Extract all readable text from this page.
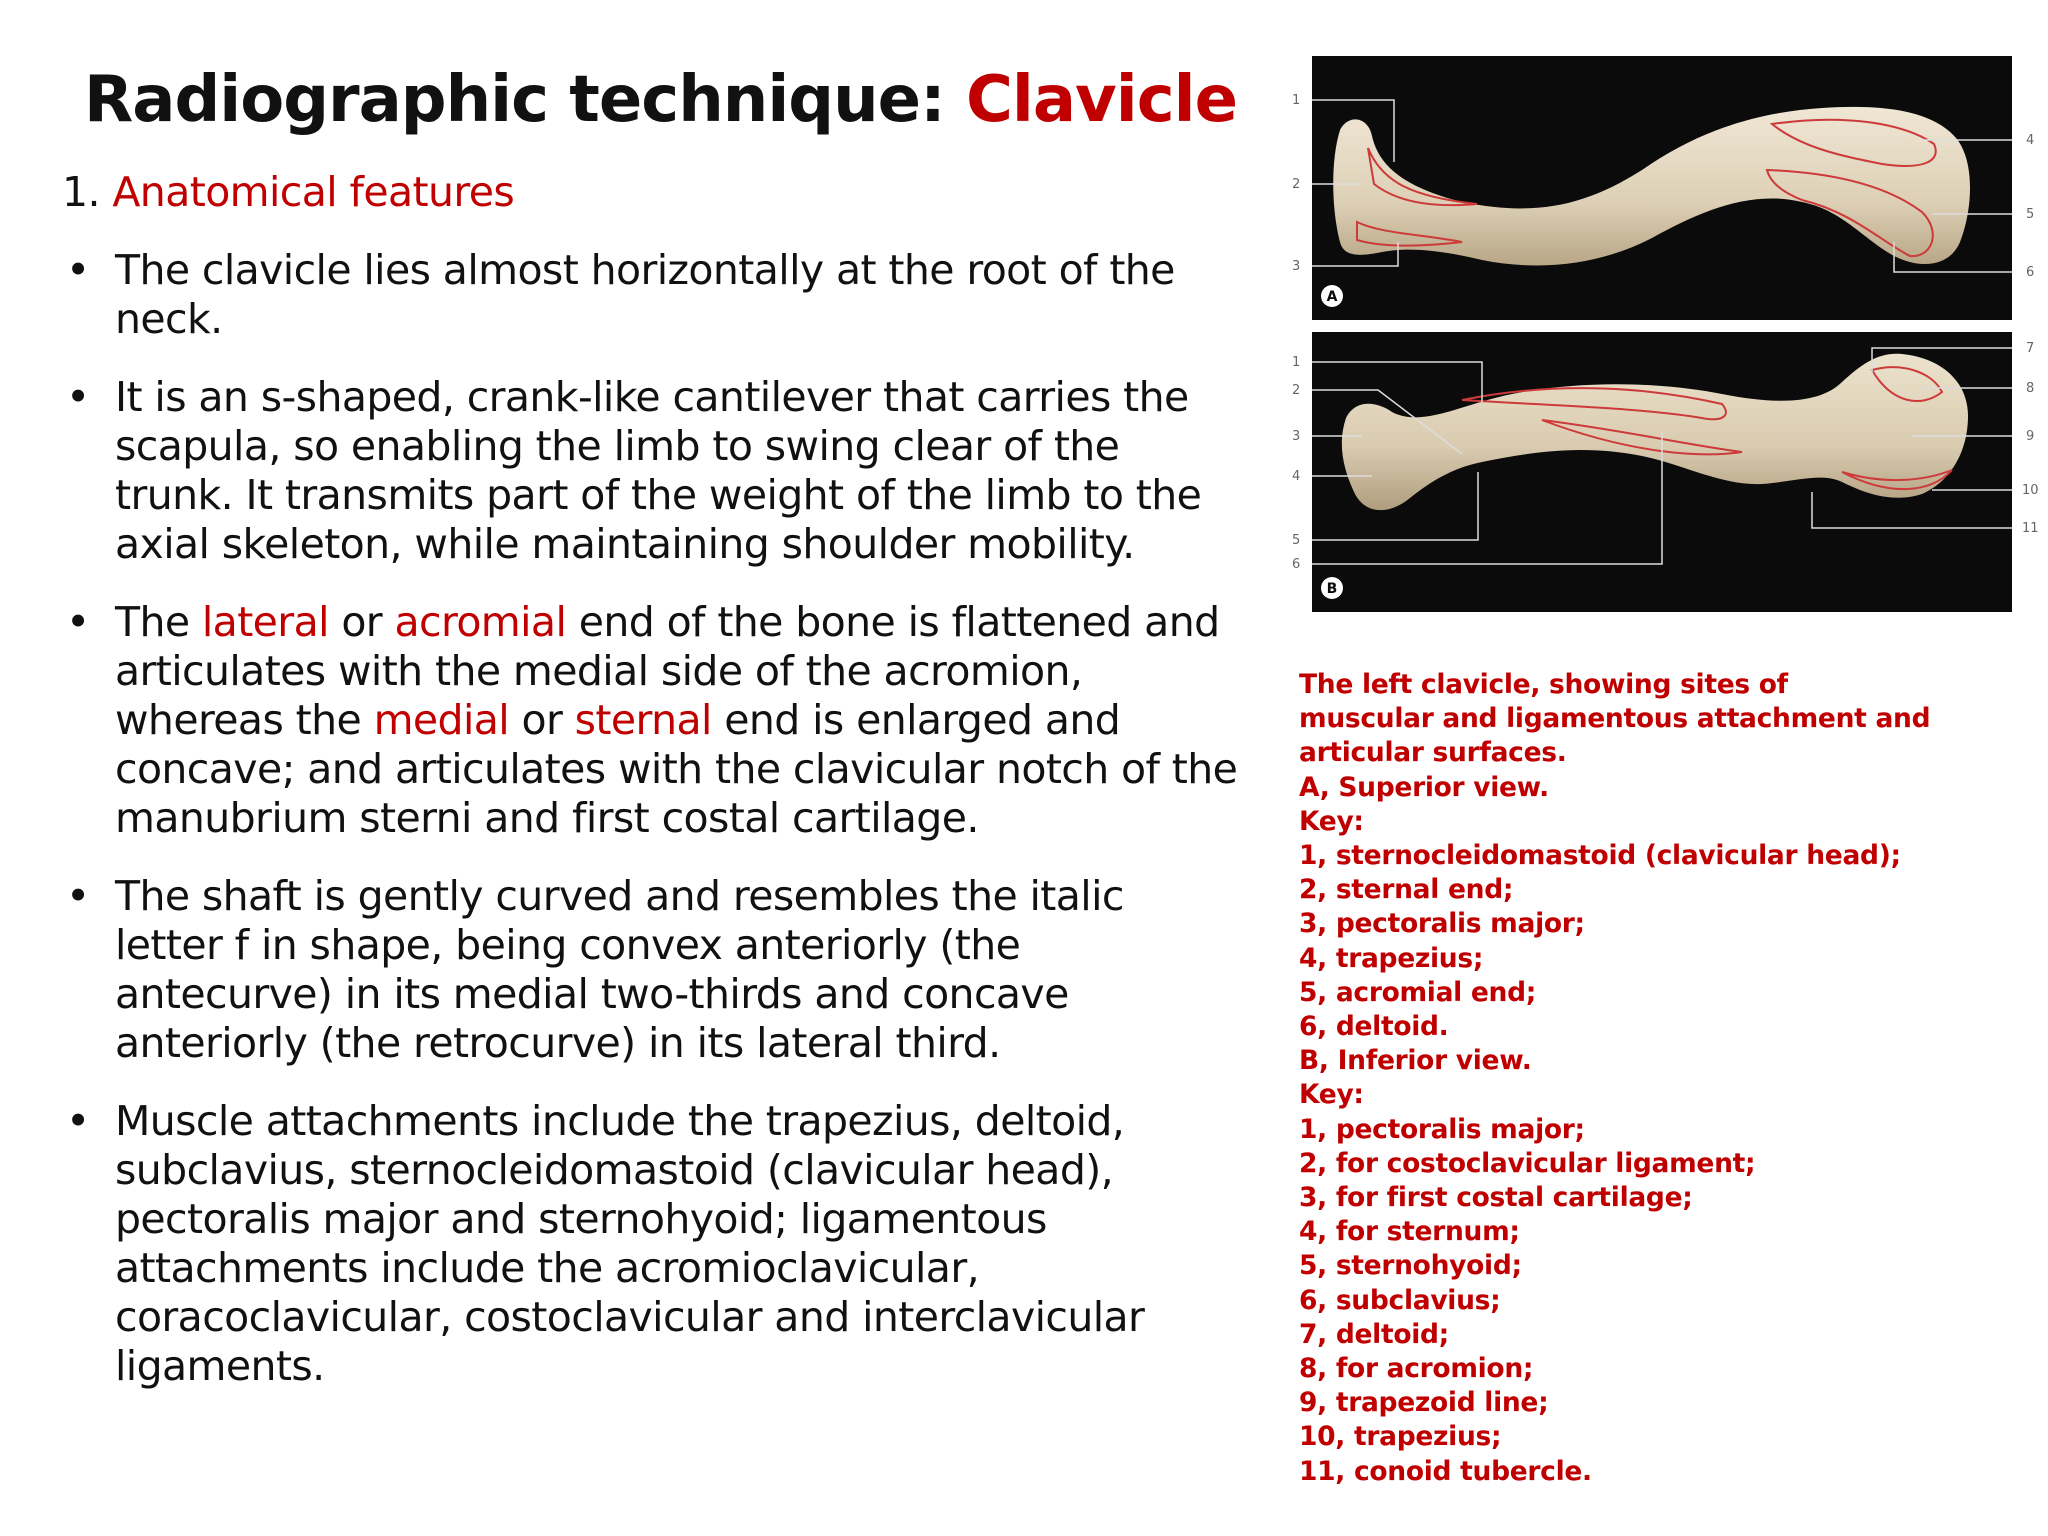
Radiographic technique: Clavicle
1. Anatomical features
• The clavicle lies almost horizontally at the root of the neck.
• It is an s-shaped, crank-like cantilever that carries the scapula, so enabling the limb to swing clear of the trunk. It transmits part of the weight of the limb to the axial skeleton, while maintaining shoulder mobility.
• The lateral or acromial end of the bone is flattened and articulates with the medial side of the acromion, whereas the medial or sternal end is enlarged and concave; and articulates with the clavicular notch of the manubrium sterni and first costal cartilage.
• The shaft is gently curved and resembles the italic letter f in shape, being convex anteriorly (the antecurve) in its medial two-thirds and concave anteriorly (the retrocurve) in its lateral third.
• Muscle attachments include the trapezius, deltoid, subclavius, sternocleidomastoid (clavicular head), pectoralis major and sternohyoid; ligamentous attachments include the acromioclavicular, coracoclavicular, costoclavicular and interclavicular ligaments.
A
1
2
3
4
5
6
B
1
2
3
4
5
6
7
8
9
10
11
The left clavicle, showing sites of
muscular and ligamentous attachment and
articular surfaces.
A, Superior view.
Key:
1, sternocleidomastoid (clavicular head);
2, sternal end;
3, pectoralis major;
4, trapezius;
5, acromial end;
6, deltoid.
B, Inferior view.
Key:
1, pectoralis major;
2, for costoclavicular ligament;
3, for first costal cartilage;
4, for sternum;
5, sternohyoid;
6, subclavius;
7, deltoid;
8, for acromion;
9, trapezoid line;
10, trapezius;
11, conoid tubercle.
